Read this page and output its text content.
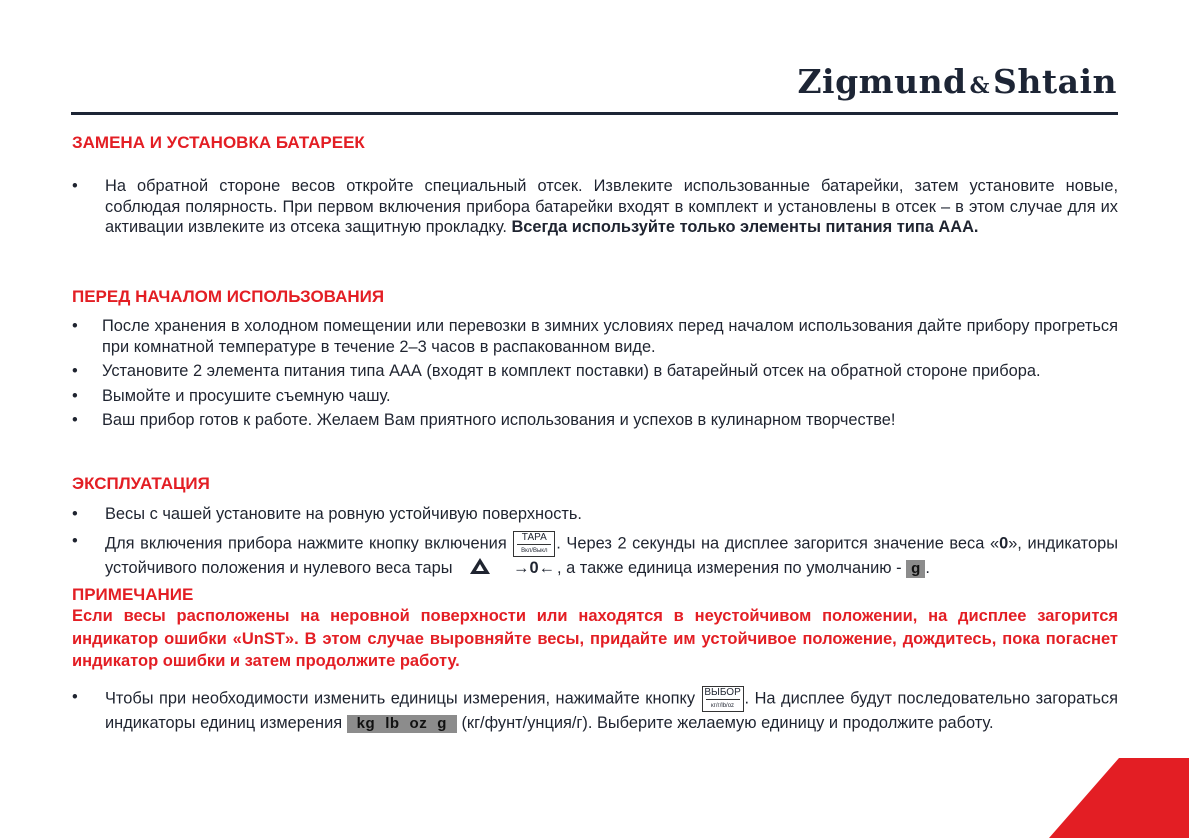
Zigmund &Shtain
ЗАМЕНА И УСТАНОВКА БАТАРЕЕК
• На обратной стороне весов откройте специальный отсек. Извлеките использованные батарейки, затем установите новые, соблюдая полярность. При первом включения прибора батарейки входят в комплект и установлены в отсек – в этом случае для их активации извлеките из отсека защитную прокладку. Всегда используйте только элементы питания типа ААА.
ПЕРЕД НАЧАЛОМ ИСПОЛЬЗОВАНИЯ
• После хранения в холодном помещении или перевозки в зимних условиях перед началом использования дайте прибору прогреться при комнатной температуре в течение 2–3 часов в распакованном виде.
• Установите 2 элемента питания типа ААА (входят в комплект поставки) в батарейный отсек на обратной стороне прибора.
• Вымойте и просушите съемную чашу.
• Ваш прибор готов к работе. Желаем Вам приятного использования и успехов в кулинарном творчестве!
ЭКСПЛУАТАЦИЯ
• Весы с чашей установите на ровную устойчивую поверхность.
• Для включения прибора нажмите кнопку включения	ТАРА
Вкл/Выкл . Через 2 секунды на дисплее загорится значение веса «0», индикаторы устойчивого положения и нулевого веса тары	→0← , а также единица измерения по умолчанию - g .
ПРИМЕЧАНИЕ
Если весы расположены на неровной поверхности или находятся в неустойчивом положении, на дисплее загорится индикатор ошибки «UnST». В этом случае выровняйте весы, придайте им устойчивое положение, дождитесь, пока погаснет индикатор ошибки и затем продолжите работу.
• Чтобы при необходимости изменить единицы измерения, нажимайте кнопку ВЫБОР
кг/г/lb/oz . На дисплее будут последовательно загораться индикаторы единиц измерения kg lb oz g (кг/фунт/унция/г). Выберите желаемую единицу и продолжите работу.
